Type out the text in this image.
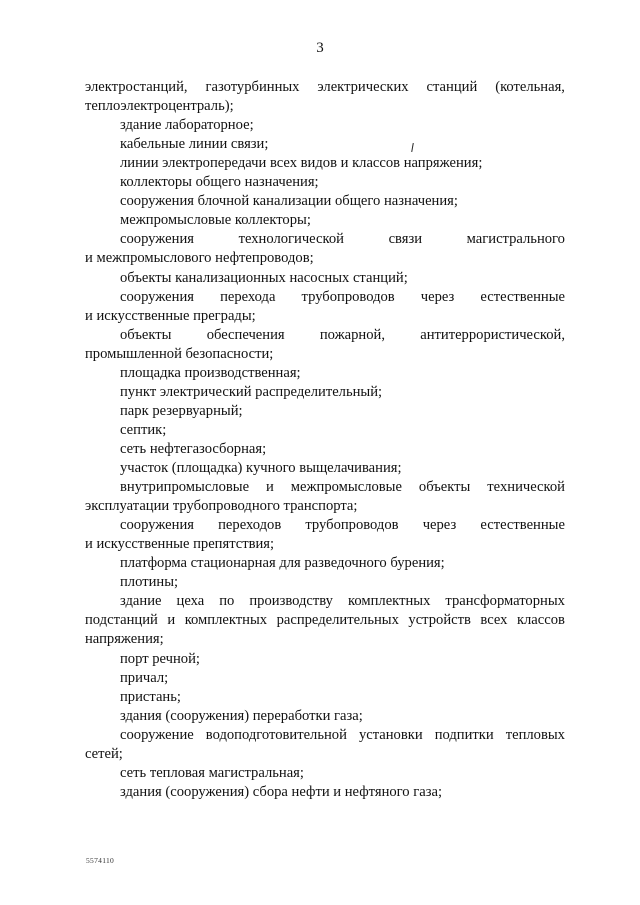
3
электростанций, газотурбинных электрических станций (котельная,
теплоэлектроцентраль);
здание лабораторное;
кабельные линии связи;
линии электропередачи всех видов и классов напряжения;
коллекторы общего назначения;
сооружения блочной канализации общего назначения;
межпромысловые коллекторы;
сооружения	технологической	связи	магистрального
и межпромыслового нефтепроводов;
объекты канализационных насосных станций;
сооружения перехода трубопроводов через естественные
и искусственные преграды;
объекты обеспечения пожарной, антитеррористической,
промышленной безопасности;
площадка производственная;
пункт электрический распределительный;
парк резервуарный;
септик;
сеть нефтегазосборная;
участок (площадка) кучного выщелачивания;
внутрипромысловые и межпромысловые объекты технической
эксплуатации трубопроводного транспорта;
сооружения переходов трубопроводов через естественные
и искусственные препятствия;
платформа стационарная для разведочного бурения;
плотины;
здание цеха по производству комплектных трансформаторных
подстанций и комплектных распределительных устройств всех классов
напряжения;
порт речной;
причал;
пристань;
здания (сооружения) переработки газа;
сооружение водоподготовительной установки подпитки тепловых
сетей;
сеть тепловая магистральная;
здания (сооружения) сбора нефти и нефтяного газа;
5574110
